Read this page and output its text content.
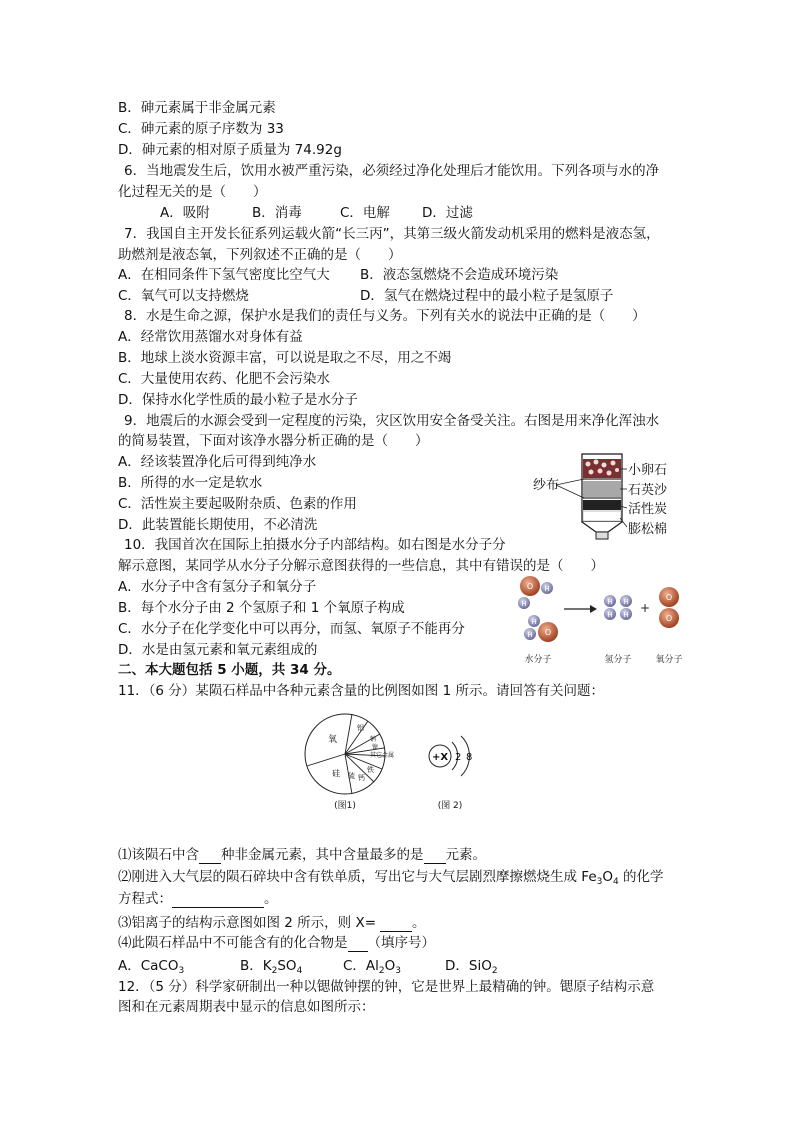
B．砷元素属于非金属元素
C．砷元素的原子序数为 33
D．砷元素的相对原子质量为 74.92g
6．当地震发生后，饮用水被严重污染，必须经过净化处理后才能饮用。下列各项与水的净
化过程无关的是（　　）
A．吸附	B．消毒	C．电解 D．过滤
7．我国自主开发长征系列运载火箭“长三丙”，其第三级火箭发动机采用的燃料是液态氢，
助燃剂是液态氧，下列叙述不正确的是（　　）
A．在相同条件下氢气密度比空气大 B．液态氢燃烧不会造成环境污染
C．氧气可以支持燃烧	D．氢气在燃烧过程中的最小粒子是氢原子
8．水是生命之源，保护水是我们的责任与义务。下列有关水的说法中正确的是（　　）
A．经常饮用蒸馏水对身体有益
B．地球上淡水资源丰富，可以说是取之不尽，用之不竭
C．大量使用农药、化肥不会污染水
D．保持水化学性质的最小粒子是水分子
9．地震后的水源会受到一定程度的污染，灾区饮用安全备受关注。右图是用来净化浑浊水
的简易装置，下面对该净水器分析正确的是（　　）
A．经该装置净化后可得到纯净水
B．所得的水一定是软水
C．活性炭主要起吸附杂质、色素的作用
D．此装置能长期使用，不必清洗
纱布
小卵石
石英沙
活性炭
膨松棉
10．我国首次在国际上拍摄水分子内部结构。如右图是水分子分
解示意图，某同学从水分子分解示意图获得的一些信息，其中有错误的是（　　）
A．水分子中含有氢分子和氧分子
B．每个水分子由 2 个氢原子和 1 个氧原子构成
C．水分子在化学变化中可以再分，而氢、氧原子不能再分
D．水是由氢元素和氧元素组成的
O H
H
H
H O
H
H
H
H +
O
O
水分子	氢分子	氧分子
二、本大题包括 5 小题，共 34 分。
11．（6 分）某陨石样品中各种元素含量的比例图如图 1 所示。请回答有关问题：
氧
铝
钠
镍
其它金属
铁
钙
硫
硅
(图1)
+X 2 8
(图 2)
⑴该陨石中含 种非金属元素，其中含量最多的是 元素。
⑵刚进入大气层的陨石碎块中含有铁单质，写出它与大气层剧烈摩擦燃烧生成 $Fe_3O_4$ 的化学
方程式：	。
⑶铝离子的结构示意图如图 2 所示，则 X=	。
⑷此陨石样品中不可能含有的化合物是 （填序号）
A．CaCO$_3$	B．$K_2SO_4$	C．$Al_2O_3$	D．SiO$_2$
12．（5 分）科学家研制出一种以锶做钟摆的钟，它是世界上最精确的钟。锶原子结构示意
图和在元素周期表中显示的信息如图所示：
